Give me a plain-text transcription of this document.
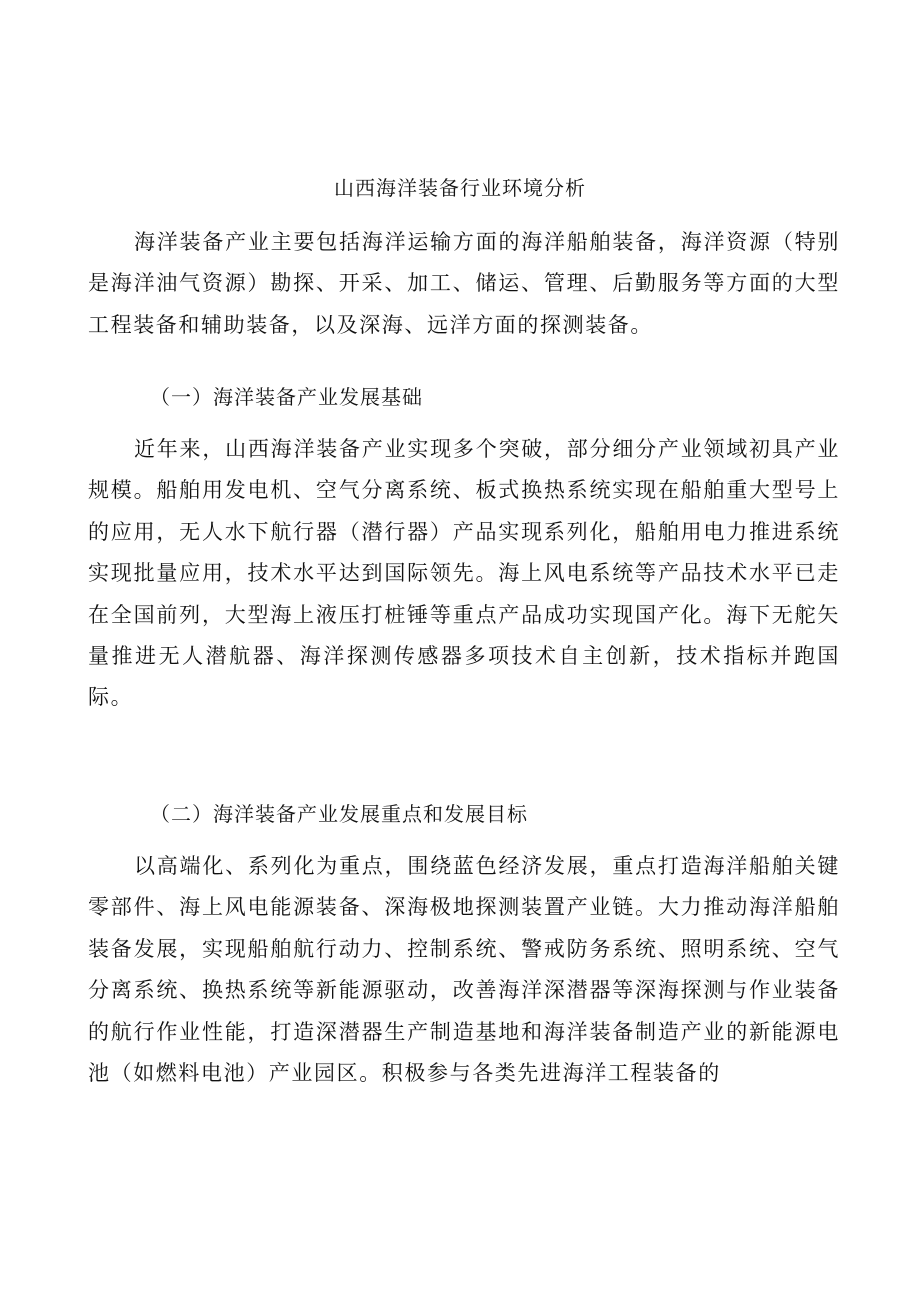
山西海洋装备行业环境分析

海洋装备产业主要包括海洋运输方面的海洋船舶装备，海洋资源（特别是海洋油气资源）勘探、开采、加工、储运、管理、后勤服务等方面的大型工程装备和辅助装备，以及深海、远洋方面的探测装备。

（一）海洋装备产业发展基础

近年来，山西海洋装备产业实现多个突破，部分细分产业领域初具产业规模。船舶用发电机、空气分离系统、板式换热系统实现在船舶重大型号上的应用，无人水下航行器（潜行器）产品实现系列化，船舶用电力推进系统实现批量应用，技术水平达到国际领先。海上风电系统等产品技术水平已走在全国前列，大型海上液压打桩锤等重点产品成功实现国产化。海下无舵矢量推进无人潜航器、海洋探测传感器多项技术自主创新，技术指标并跑国际。

（二）海洋装备产业发展重点和发展目标

以高端化、系列化为重点，围绕蓝色经济发展，重点打造海洋船舶关键零部件、海上风电能源装备、深海极地探测装置产业链。大力推动海洋船舶装备发展，实现船舶航行动力、控制系统、警戒防务系统、照明系统、空气分离系统、换热系统等新能源驱动，改善海洋深潜器等深海探测与作业装备的航行作业性能，打造深潜器生产制造基地和海洋装备制造产业的新能源电池（如燃料电池）产业园区。积极参与各类先进海洋工程装备的
